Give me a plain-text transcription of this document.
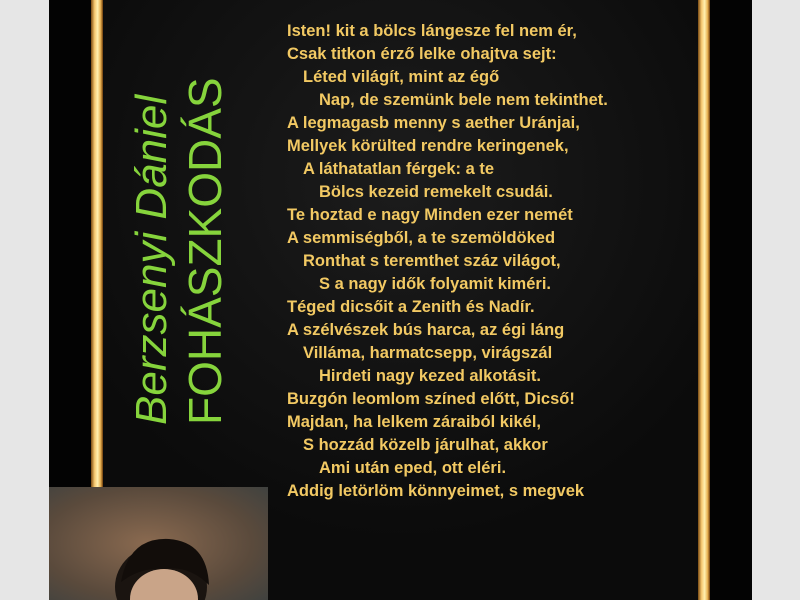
Berzsenyi Dániel FOHÁSZKODÁS
Isten! kit a bölcs lángesze fel nem ér,
Csak titkon érző lelke ohajtva sejt:
Léted világít, mint az égő
Nap, de szemünk bele nem tekinthet.
A legmagasb menny s aether Uránjai,
Mellyek körülted rendre keringenek,
A láthatatlan férgek: a te
Bölcs kezeid remekelt csudái.
Te hoztad e nagy Minden ezer nemét
A semmiségből, a te szemöldöked
Ronthat s teremthet száz világot,
S a nagy idők folyamit kiméri.
Téged dicsőit a Zenith és Nadír.
A szélvészek bús harca, az égi láng
Villáma, harmatcsepp, virágszál
Hirdeti nagy kezed alkotásit.
Buzgón leomlom színed előtt, Dicső!
Majdan, ha lelkem záraiból kikél,
S hozzád közelb járulhat, akkor
Ami után eped, ott eléri.
Addig letörlöm könnyeimet, s megvek
